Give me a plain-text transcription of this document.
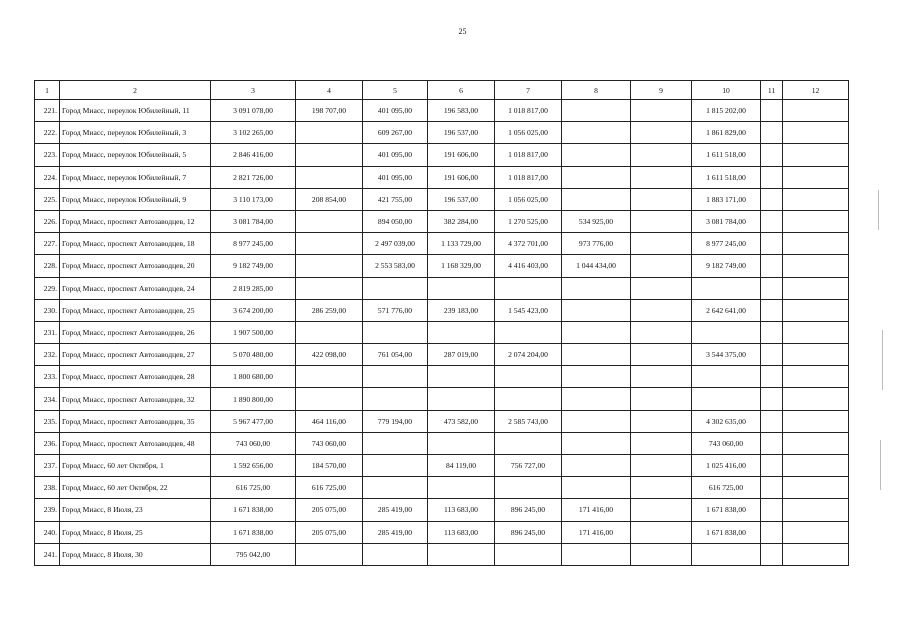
25
1	2	3	4	5	6	7	8	9	10	11	12
221.	Город Миасс, переулок Юбилейный, 11	3 091 078,00	198 707,00	401 095,00	196 583,00	1 018 817,00			1 815 202,00		
222.	Город Миасс, переулок Юбилейный, 3	3 102 265,00		609 267,00	196 537,00	1 056 025,00			1 861 829,00		
223.	Город Миасс, переулок Юбилейный, 5	2 846 416,00		401 095,00	191 606,00	1 018 817,00			1 611 518,00		
224.	Город Миасс, переулок Юбилейный, 7	2 821 726,00		401 095,00	191 606,00	1 018 817,00			1 611 518,00		
225.	Город Миасс, переулок Юбилейный, 9	3 110 173,00	208 854,00	421 755,00	196 537,00	1 056 025,00			1 883 171,00		
226.	Город Миасс, проспект Автозаводцев, 12	3 081 784,00		894 050,00	382 284,00	1 270 525,00	534 925,00		3 081 784,00		
227.	Город Миасс, проспект Автозаводцев, 18	8 977 245,00		2 497 039,00	1 133 729,00	4 372 701,00	973 776,00		8 977 245,00		
228.	Город Миасс, проспект Автозаводцев, 20	9 182 749,00		2 553 583,00	1 168 329,00	4 416 403,00	1 044 434,00		9 182 749,00		
229.	Город Миасс, проспект Автозаводцев, 24	2 819 285,00									
230.	Город Миасс, проспект Автозаводцев, 25	3 674 200,00	286 259,00	571 776,00	239 183,00	1 545 423,00			2 642 641,00		
231.	Город Миасс, проспект Автозаводцев, 26	1 907 500,00									
232.	Город Миасс, проспект Автозаводцев, 27	5 070 480,00	422 098,00	761 054,00	287 019,00	2 074 204,00			3 544 375,00		
233.	Город Миасс, проспект Автозаводцев, 28	1 800 680,00									
234.	Город Миасс, проспект Автозаводцев, 32	1 890 800,00									
235.	Город Миасс, проспект Автозаводцев, 35	5 967 477,00	464 116,00	779 194,00	473 582,00	2 585 743,00			4 302 635,00		
236.	Город Миасс, проспект Автозаводцев, 48	743 060,00	743 060,00						743 060,00		
237.	Город Миасс, 60 лет Октября, 1	1 592 656,00	184 570,00		84 119,00	756 727,00			1 025 416,00		
238.	Город Миасс, 60 лет Октября, 22	616 725,00	616 725,00						616 725,00		
239.	Город Миасс, 8 Июля, 23	1 671 838,00	205 075,00	285 419,00	113 683,00	896 245,00	171 416,00		1 671 838,00		
240.	Город Миасс, 8 Июля, 25	1 671 838,00	205 075,00	285 419,00	113 683,00	896 245,00	171 416,00		1 671 838,00		
241.	Город Миасс, 8 Июля, 30	795 042,00									
